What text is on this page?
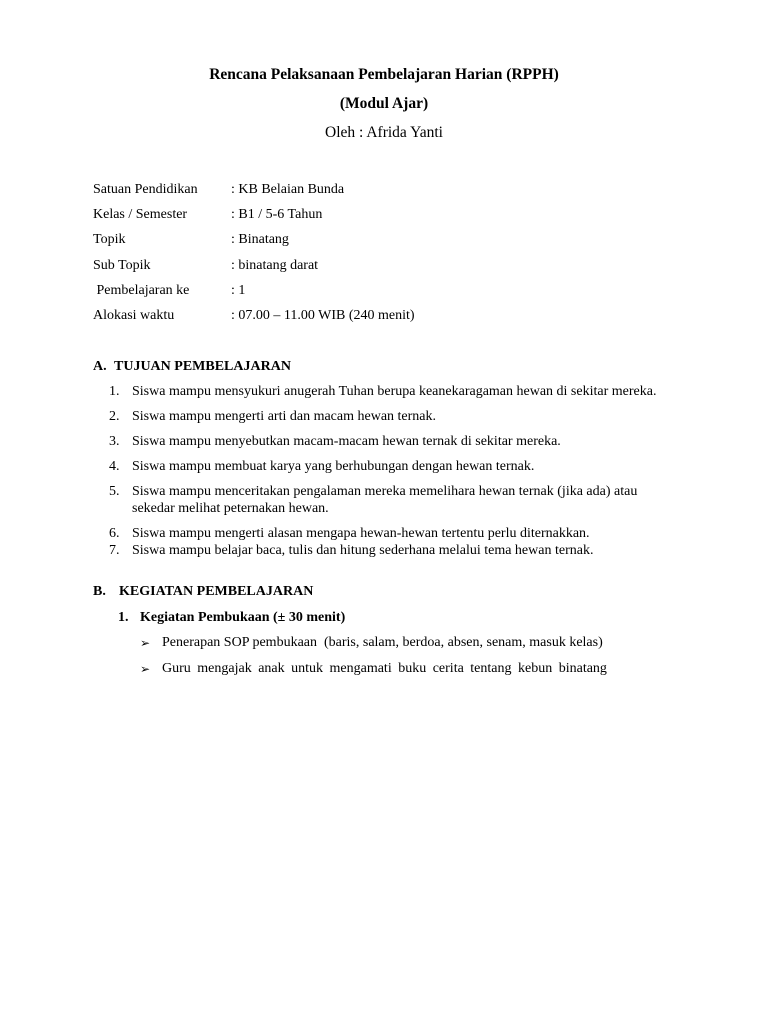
Rencana Pelaksanaan Pembelajaran Harian (RPPH)
(Modul Ajar)
Oleh : Afrida Yanti
Satuan Pendidikan : KB Belaian Bunda
Kelas / Semester	: B1 / 5-6 Tahun
Topik	: Binatang
Sub Topik	: binatang darat
Pembelajaran ke	: 1
Alokasi waktu	: 07.00 – 11.00 WIB (240 menit)
A. TUJUAN PEMBELAJARAN
1. Siswa mampu mensyukuri anugerah Tuhan berupa keanekaragaman hewan di sekitar mereka.
2. Siswa mampu mengerti arti dan macam hewan ternak.
3. Siswa mampu menyebutkan macam-macam hewan ternak di sekitar mereka.
4. Siswa mampu membuat karya yang berhubungan dengan hewan ternak.
5. Siswa mampu menceritakan pengalaman mereka memelihara hewan ternak (jika ada) atau
sekedar melihat peternakan hewan.
6. Siswa mampu mengerti alasan mengapa hewan-hewan tertentu perlu diternakkan.
7. Siswa mampu belajar baca, tulis dan hitung sederhana melalui tema hewan ternak.
B. KEGIATAN PEMBELAJARAN
1. Kegiatan Pembukaan (± 30 menit)
➢ Penerapan SOP pembukaan  (baris, salam, berdoa, absen, senam, masuk kelas)
➢ Guru mengajak anak untuk mengamati buku cerita tentang kebun binatang
